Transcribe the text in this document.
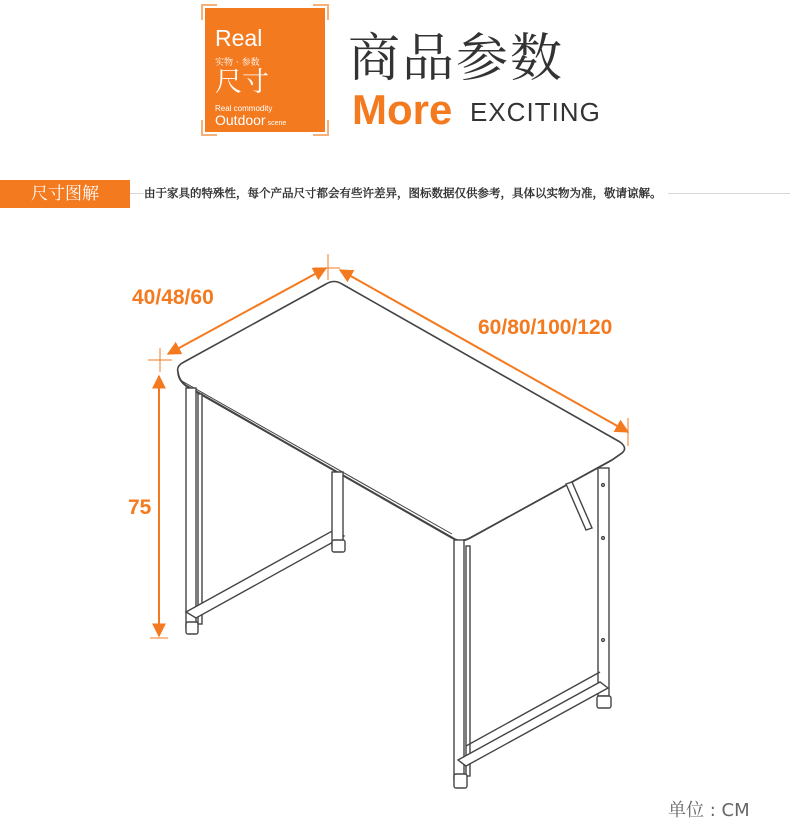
Real
实物 · 参数
尺寸
Real commodity
Outdoor scene
商品参数
More EXCITING
尺寸图解	由于家具的特殊性，每个产品尺寸都会有些许差异，图标数据仅供参考，具体以实物为准，敬请谅解。
40/48/60
60/80/100/120
75
单位 : CM
